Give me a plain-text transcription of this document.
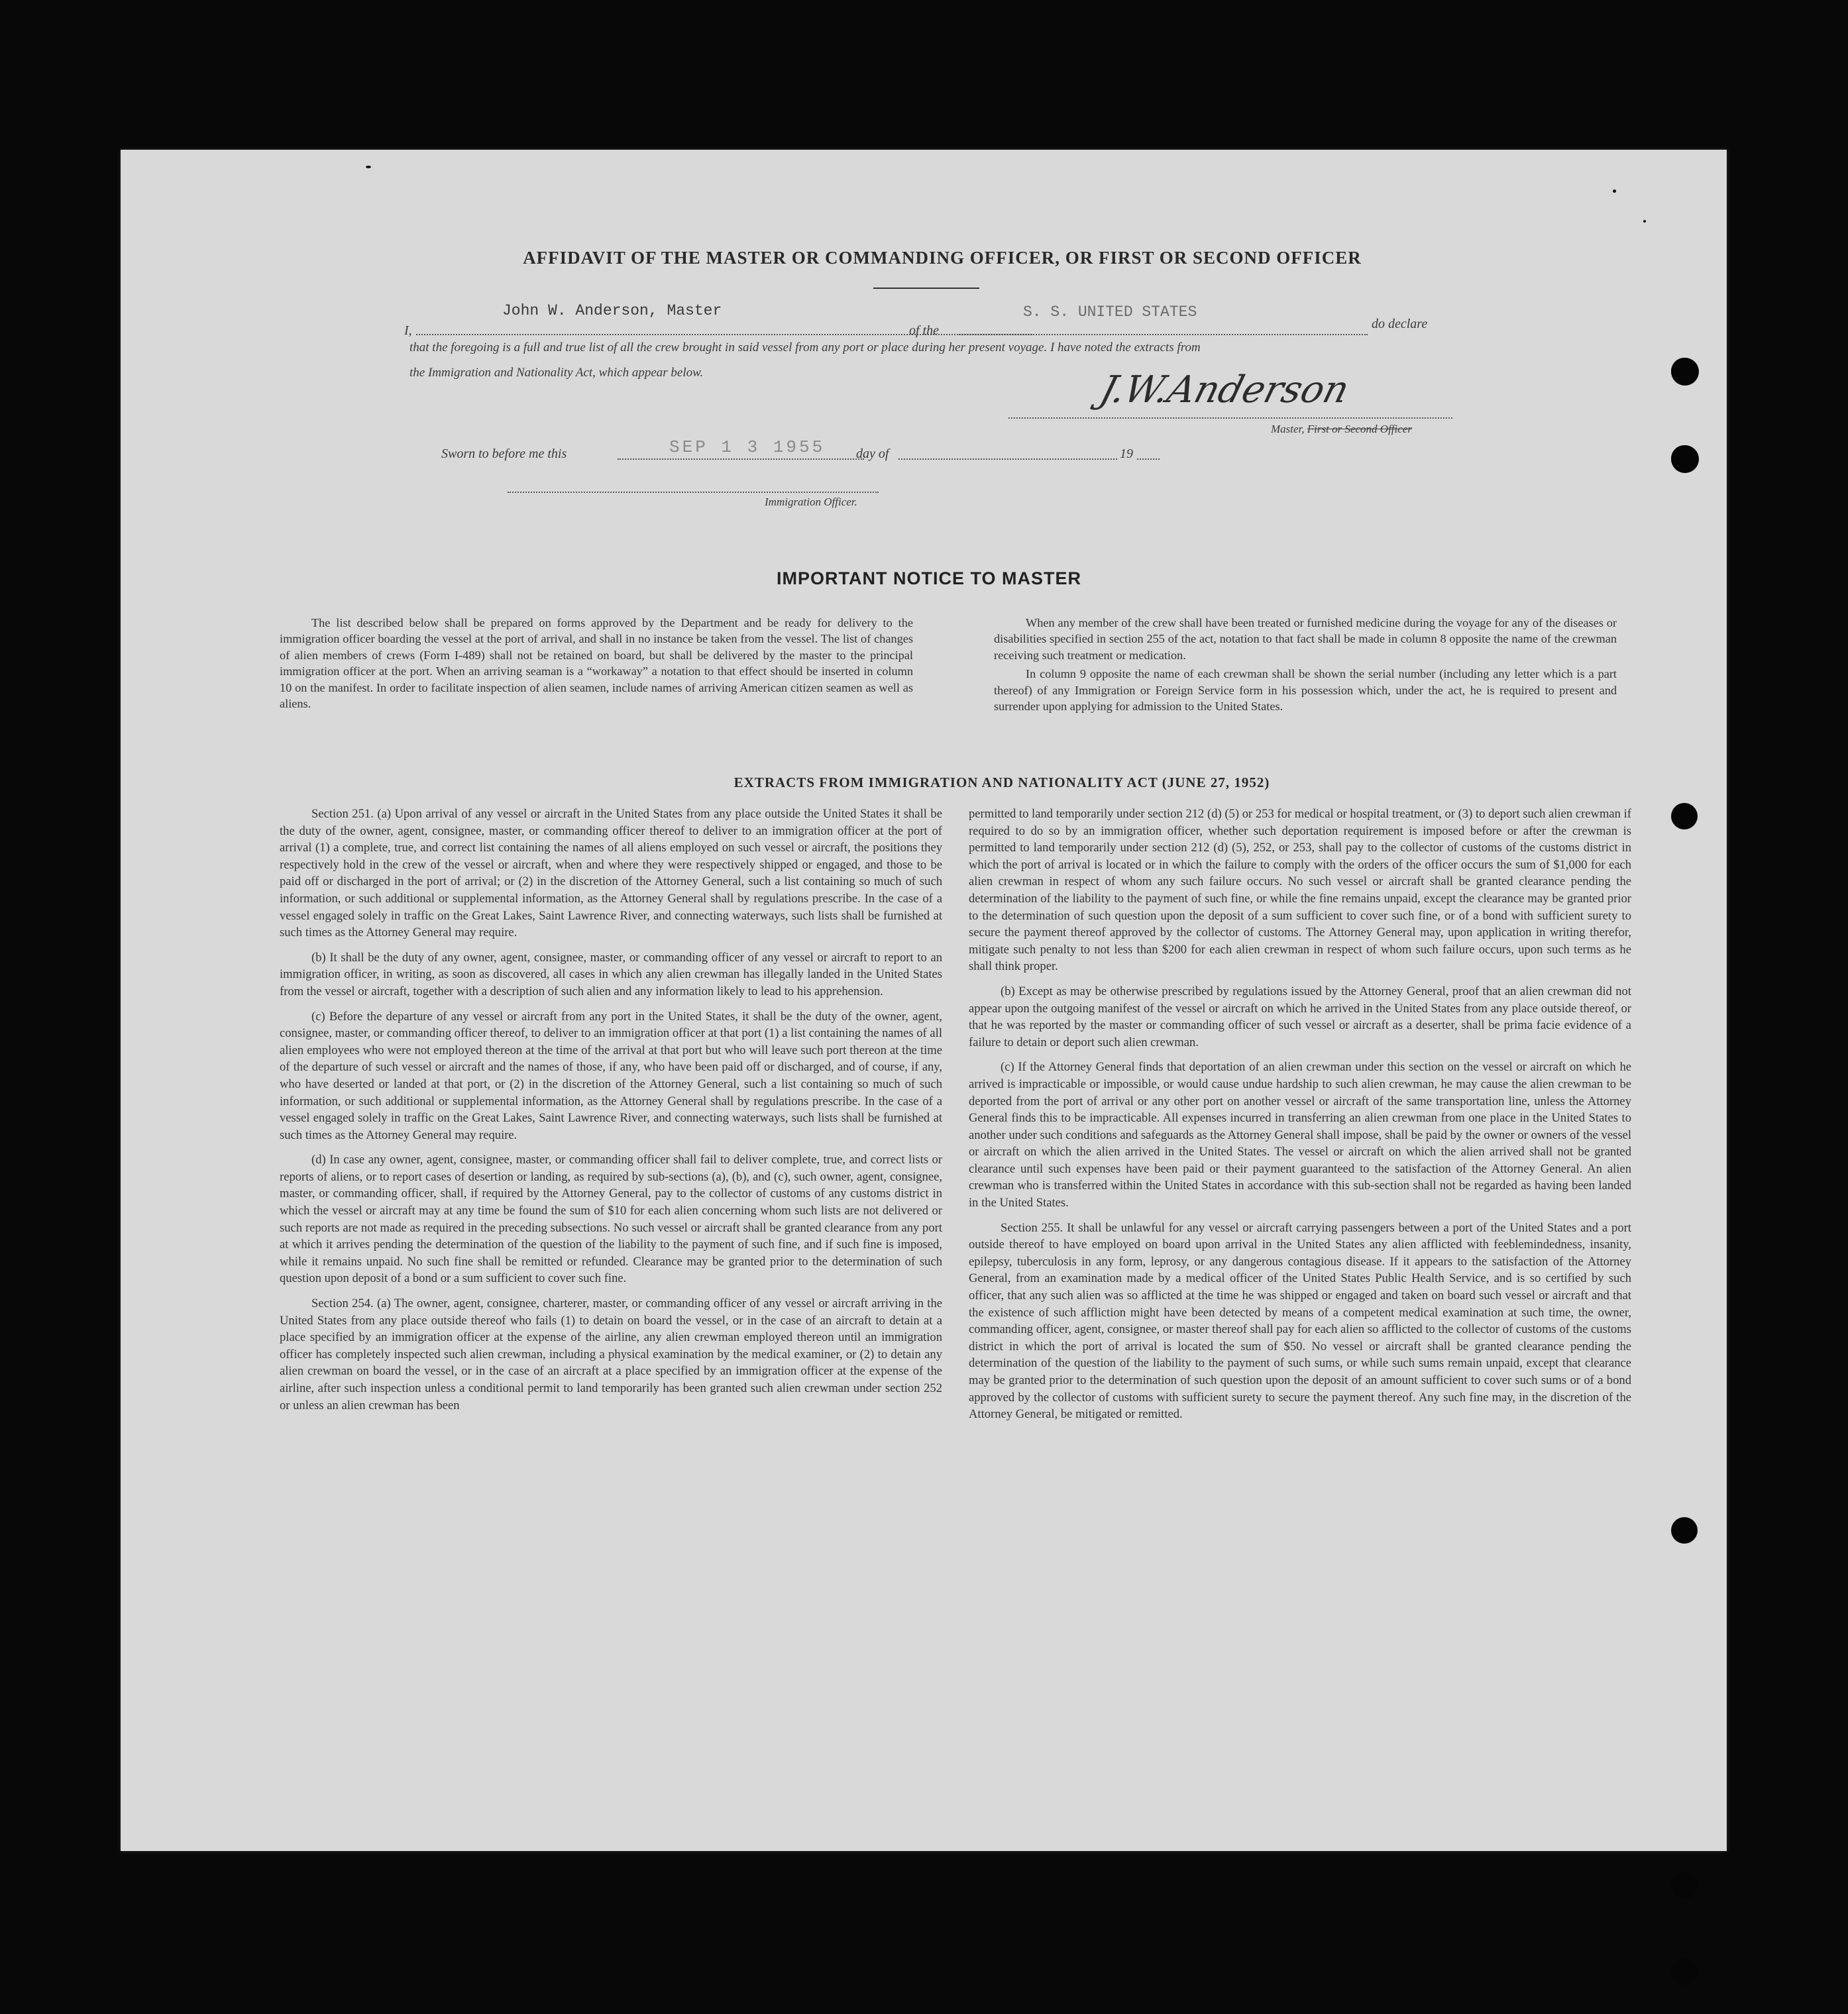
AFFIDAVIT OF THE MASTER OR COMMANDING OFFICER, OR FIRST OR SECOND OFFICER
I,
John W. Anderson, Master
of the
S. S. UNITED STATES
do declare
that the foregoing is a full and true list of all the crew brought in said vessel from any port or place during her present voyage. I have noted the extracts from
the Immigration and Nationality Act, which appear below.	J.W.Anderson
Master, First or Second Officer
Sworn to before me this	SEP 1 3 1955 day of	19
Immigration Officer.
IMPORTANT NOTICE TO MASTER

The list described below shall be prepared on forms approved by the Department and be ready for delivery to the immigration officer boarding the vessel at the port of arrival, and shall in no instance be taken from the vessel. The list of changes of alien members of crews (Form I-489) shall not be retained on board, but shall be delivered by the master to the principal immigration officer at the port. When an arriving seaman is a “workaway” a notation to that effect should be inserted in column 10 on the manifest. In order to facilitate inspection of alien seamen, include names of arriving American citizen seamen as well as aliens.

When any member of the crew shall have been treated or furnished medicine during the voyage for any of the diseases or disabilities specified in section 255 of the act, notation to that fact shall be made in column 8 opposite the name of the crewman receiving such treatment or medication.

In column 9 opposite the name of each crewman shall be shown the serial number (including any letter which is a part thereof) of any Immigration or Foreign Service form in his possession which, under the act, he is required to present and surrender upon applying for admission to the United States.

EXTRACTS FROM IMMIGRATION AND NATIONALITY ACT (JUNE 27, 1952)

Section 251. (a) Upon arrival of any vessel or aircraft in the United States from any place outside the United States it shall be the duty of the owner, agent, consignee, master, or commanding officer thereof to deliver to an immigration officer at the port of arrival (1) a complete, true, and correct list containing the names of all aliens employed on such vessel or aircraft, the positions they respectively hold in the crew of the vessel or aircraft, when and where they were respectively shipped or engaged, and those to be paid off or discharged in the port of arrival; or (2) in the discretion of the Attorney General, such a list containing so much of such information, or such additional or supplemental information, as the Attorney General shall by regulations prescribe. In the case of a vessel engaged solely in traffic on the Great Lakes, Saint Lawrence River, and connecting waterways, such lists shall be furnished at such times as the Attorney General may require.

(b) It shall be the duty of any owner, agent, consignee, master, or commanding officer of any vessel or aircraft to report to an immigration officer, in writing, as soon as discovered, all cases in which any alien crewman has illegally landed in the United States from the vessel or aircraft, together with a description of such alien and any information likely to lead to his apprehension.

(c) Before the departure of any vessel or aircraft from any port in the United States, it shall be the duty of the owner, agent, consignee, master, or commanding officer thereof, to deliver to an immigration officer at that port (1) a list containing the names of all alien employees who were not employed thereon at the time of the arrival at that port but who will leave such port thereon at the time of the departure of such vessel or aircraft and the names of those, if any, who have been paid off or discharged, and of course, if any, who have deserted or landed at that port, or (2) in the discretion of the Attorney General, such a list containing so much of such information, or such additional or supplemental information, as the Attorney General shall by regulations prescribe. In the case of a vessel engaged solely in traffic on the Great Lakes, Saint Lawrence River, and connecting waterways, such lists shall be furnished at such times as the Attorney General may require.

(d) In case any owner, agent, consignee, master, or commanding officer shall fail to deliver complete, true, and correct lists or reports of aliens, or to report cases of desertion or landing, as required by sub-sections (a), (b), and (c), such owner, agent, consignee, master, or commanding officer, shall, if required by the Attorney General, pay to the collector of customs of any customs district in which the vessel or aircraft may at any time be found the sum of $10 for each alien concerning whom such lists are not delivered or such reports are not made as required in the preceding subsections. No such vessel or aircraft shall be granted clearance from any port at which it arrives pending the determination of the question of the liability to the payment of such fine, and if such fine is imposed, while it remains unpaid. No such fine shall be remitted or refunded. Clearance may be granted prior to the determination of such question upon deposit of a bond or a sum sufficient to cover such fine.

Section 254. (a) The owner, agent, consignee, charterer, master, or commanding officer of any vessel or aircraft arriving in the United States from any place outside thereof who fails (1) to detain on board the vessel, or in the case of an aircraft to detain at a place specified by an immigration officer at the expense of the airline, any alien crewman employed thereon until an immigration officer has completely inspected such alien crewman, including a physical examination by the medical examiner, or (2) to detain any alien crewman on board the vessel, or in the case of an aircraft at a place specified by an immigration officer at the expense of the airline, after such inspection unless a conditional permit to land temporarily has been granted such alien crewman under section 252 or unless an alien crewman has been

permitted to land temporarily under section 212 (d) (5) or 253 for medical or hospital treatment, or (3) to deport such alien crewman if required to do so by an immigration officer, whether such deportation requirement is imposed before or after the crewman is permitted to land temporarily under section 212 (d) (5), 252, or 253, shall pay to the collector of customs of the customs district in which the port of arrival is located or in which the failure to comply with the orders of the officer occurs the sum of $1,000 for each alien crewman in respect of whom any such failure occurs. No such vessel or aircraft shall be granted clearance pending the determination of the liability to the payment of such fine, or while the fine remains unpaid, except the clearance may be granted prior to the determination of such question upon the deposit of a sum sufficient to cover such fine, or of a bond with sufficient surety to secure the payment thereof approved by the collector of customs. The Attorney General may, upon application in writing therefor, mitigate such penalty to not less than $200 for each alien crewman in respect of whom such failure occurs, upon such terms as he shall think proper.

(b) Except as may be otherwise prescribed by regulations issued by the Attorney General, proof that an alien crewman did not appear upon the outgoing manifest of the vessel or aircraft on which he arrived in the United States from any place outside thereof, or that he was reported by the master or commanding officer of such vessel or aircraft as a deserter, shall be prima facie evidence of a failure to detain or deport such alien crewman.

(c) If the Attorney General finds that deportation of an alien crewman under this section on the vessel or aircraft on which he arrived is impracticable or impossible, or would cause undue hardship to such alien crewman, he may cause the alien crewman to be deported from the port of arrival or any other port on another vessel or aircraft of the same transportation line, unless the Attorney General finds this to be impracticable. All expenses incurred in transferring an alien crewman from one place in the United States to another under such conditions and safeguards as the Attorney General shall impose, shall be paid by the owner or owners of the vessel or aircraft on which the alien arrived in the United States. The vessel or aircraft on which the alien arrived shall not be granted clearance until such expenses have been paid or their payment guaranteed to the satisfaction of the Attorney General. An alien crewman who is transferred within the United States in accordance with this sub-section shall not be regarded as having been landed in the United States.

Section 255. It shall be unlawful for any vessel or aircraft carrying passengers between a port of the United States and a port outside thereof to have employed on board upon arrival in the United States any alien afflicted with feeblemindedness, insanity, epilepsy, tuberculosis in any form, leprosy, or any dangerous contagious disease. If it appears to the satisfaction of the Attorney General, from an examination made by a medical officer of the United States Public Health Service, and is so certified by such officer, that any such alien was so afflicted at the time he was shipped or engaged and taken on board such vessel or aircraft and that the existence of such affliction might have been detected by means of a competent medical examination at such time, the owner, commanding officer, agent, consignee, or master thereof shall pay for each alien so afflicted to the collector of customs of the customs district in which the port of arrival is located the sum of $50. No vessel or aircraft shall be granted clearance pending the determination of the question of the liability to the payment of such sums, or while such sums remain unpaid, except that clearance may be granted prior to the determination of such question upon the deposit of an amount sufficient to cover such sums or of a bond approved by the collector of customs with sufficient surety to secure the payment thereof. Any such fine may, in the discretion of the Attorney General, be mitigated or remitted.
